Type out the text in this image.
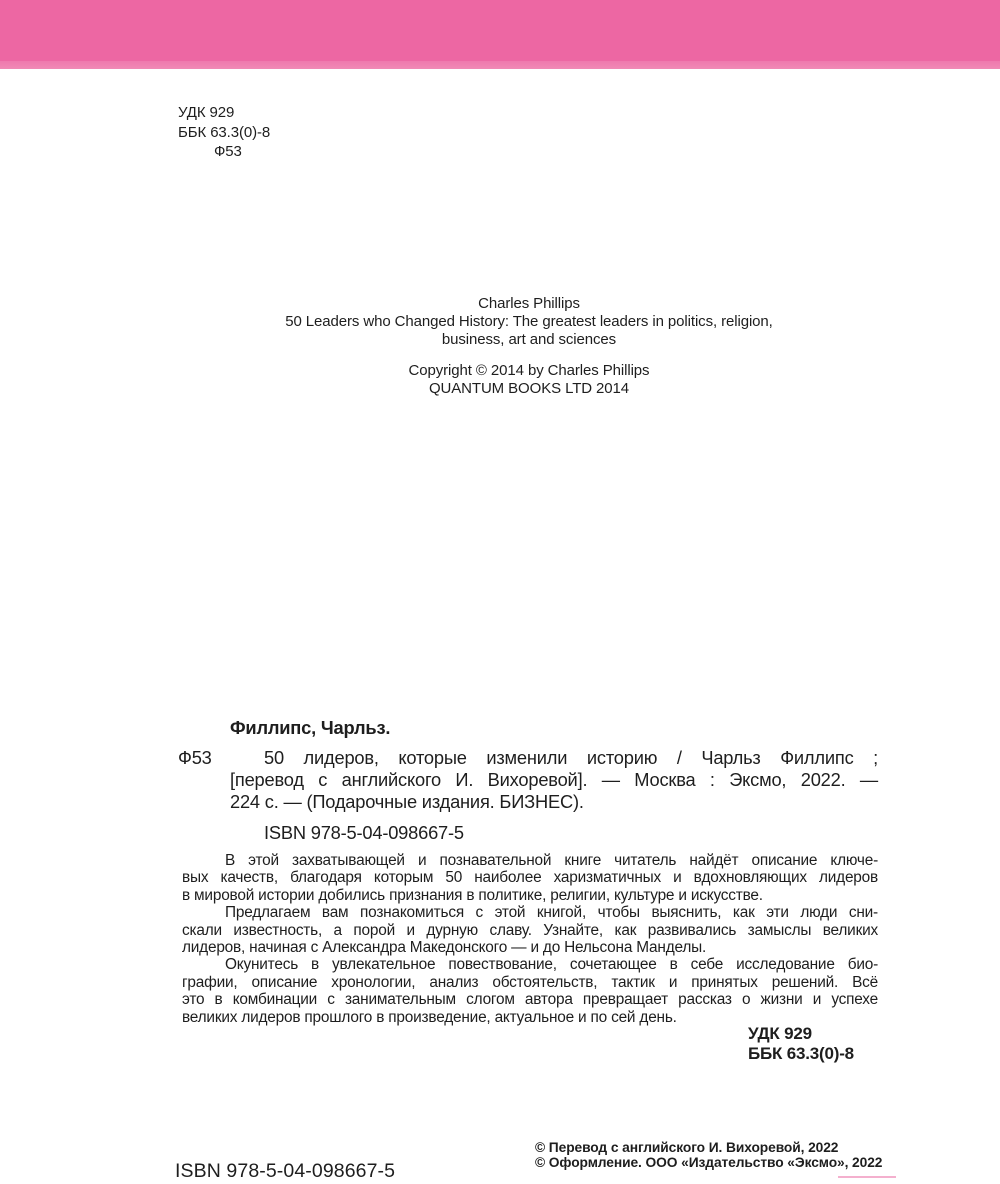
УДК 929
ББК 63.3(0)-8
Ф53
Charles Phillips
50 Leaders who Changed History: The greatest leaders in politics, religion,
business, art and sciences
Copyright © 2014 by Charles Phillips
QUANTUM BOOKS LTD 2014
Филлипс, Чарльз.
Ф53	50 лидеров, которые изменили историю / Чарльз Филлипс ;
[перевод с английского И. Вихоревой]. — Москва : Эксмо, 2022. —
224 с. — (Подарочные издания. БИЗНЕС).
ISBN 978-5-04-098667-5
В этой захватывающей и познавательной книге читатель найдёт описание ключе-
вых качеств, благодаря которым 50 наиболее харизматичных и вдохновляющих лидеров
в мировой истории добились признания в политике, религии, культуре и искусстве.
Предлагаем вам познакомиться с этой книгой, чтобы выяснить, как эти люди сни-
скали известность, а порой и дурную славу. Узнайте, как развивались замыслы великих
лидеров, начиная с Александра Македонского — и до Нельсона Манделы.
Окунитесь в увлекательное повествование, сочетающее в себе исследование био-
графии, описание хронологии, анализ обстоятельств, тактик и принятых решений. Всё
это в комбинации с занимательным слогом автора превращает рассказ о жизни и успехе
великих лидеров прошлого в произведение, актуальное и по сей день.
УДК 929
ББК 63.3(0)-8
ISBN 978-5-04-098667-5
© Перевод с английского И. Вихоревой, 2022
© Оформление. ООО «Издательство «Эксмо», 2022
